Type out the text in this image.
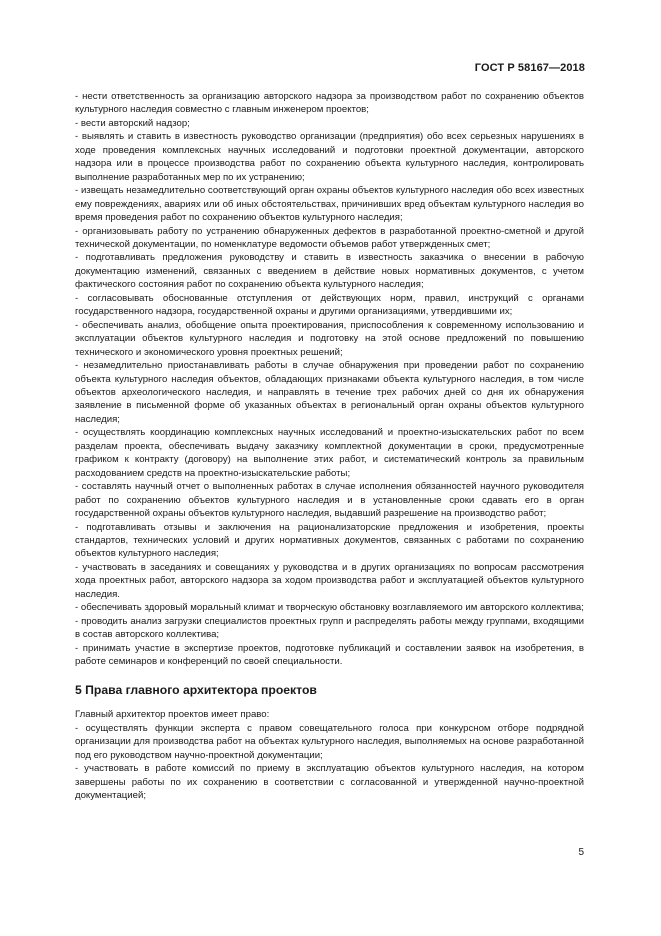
ГОСТ Р 58167—2018

- нести ответственность за организацию авторского надзора за производством работ по сохранению объектов культурного наследия совместно с главным инженером проектов;

- вести авторский надзор;

- выявлять и ставить в известность руководство организации (предприятия) обо всех серьезных нарушениях в ходе проведения комплексных научных исследований и подготовки проектной документации, авторского надзора или в процессе производства работ по сохранению объекта культурного наследия, контролировать выполнение разработанных мер по их устранению;

- извещать незамедлительно соответствующий орган охраны объектов культурного наследия обо всех известных ему повреждениях, авариях или об иных обстоятельствах, причинивших вред объектам культурного наследия во время проведения работ по сохранению объектов культурного наследия;

- организовывать работу по устранению обнаруженных дефектов в разработанной проектно-сметной и другой технической документации, по номенклатуре ведомости объемов работ утвержденных смет;

- подготавливать предложения руководству и ставить в известность заказчика о внесении в рабочую документацию изменений, связанных с введением в действие новых нормативных документов, с учетом фактического состояния работ по сохранению объекта культурного наследия;

- согласовывать обоснованные отступления от действующих норм, правил, инструкций с органами государственного надзора, государственной охраны и другими организациями, утвердившими их;

- обеспечивать анализ, обобщение опыта проектирования, приспособления к современному использованию и эксплуатации объектов культурного наследия и подготовку на этой основе предложений по повышению технического и экономического уровня проектных решений;

- незамедлительно приостанавливать работы в случае обнаружения при проведении работ по сохранению объекта культурного наследия объектов, обладающих признаками объекта культурного наследия, в том числе объектов археологического наследия, и направлять в течение трех рабочих дней со дня их обнаружения заявление в письменной форме об указанных объектах в региональный орган охраны объектов культурного наследия;

- осуществлять координацию комплексных научных исследований и проектно-изыскательских работ по всем разделам проекта, обеспечивать выдачу заказчику комплектной документации в сроки, предусмотренные графиком к контракту (договору) на выполнение этих работ, и систематический контроль за правильным расходованием средств на проектно-изыскательские работы;

- составлять научный отчет о выполненных работах в случае исполнения обязанностей научного руководителя работ по сохранению объектов культурного наследия и в установленные сроки сдавать его в орган государственной охраны объектов культурного наследия, выдавший разрешение на производство работ;

- подготавливать отзывы и заключения на рационализаторские предложения и изобретения, проекты стандартов, технических условий и других нормативных документов, связанных с работами по сохранению объектов культурного наследия;

- участвовать в заседаниях и совещаниях у руководства и в других организациях по вопросам рассмотрения хода проектных работ, авторского надзора за ходом производства работ и эксплуатацией объектов культурного наследия.

- обеспечивать здоровый моральный климат и творческую обстановку возглавляемого им авторского коллектива;

- проводить анализ загрузки специалистов проектных групп и распределять работы между группами, входящими в состав авторского коллектива;

- принимать участие в экспертизе проектов, подготовке публикаций и составлении заявок на изобретения, в работе семинаров и конференций по своей специальности.

5 Права главного архитектора проектов

Главный архитектор проектов имеет право:

- осуществлять функции эксперта с правом совещательного голоса при конкурсном отборе подрядной организации для производства работ на объектах культурного наследия, выполняемых на основе разработанной под его руководством научно-проектной документации;

- участвовать в работе комиссий по приему в эксплуатацию объектов культурного наследия, на котором завершены работы по их сохранению в соответствии с согласованной и утвержденной научно-проектной документацией;

5
